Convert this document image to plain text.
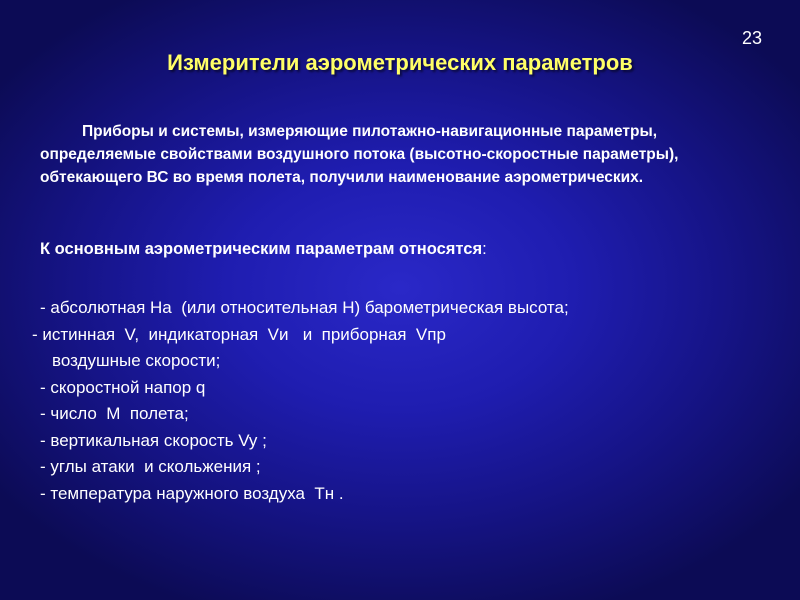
23
Измерители аэрометрических параметров

Приборы и системы, измеряющие пилотажно-навигационные параметры, определяемые свойствами воздушного потока (высотно-скоростные параметры), обтекающего ВС во время полета, получили наименование аэрометрических.

К основным аэрометрическим параметрам относятся:
- абсолютная На  (или относительная Н) барометрическая высота;
- истинная  V,  индикаторная  Vи   и  приборная  Vпр
воздушные скорости;
- скоростной напор q
- число  М  полета;
- вертикальная скорость Vy ;
- углы атаки  и скольжения ;
- температура наружного воздуха  Тн .
